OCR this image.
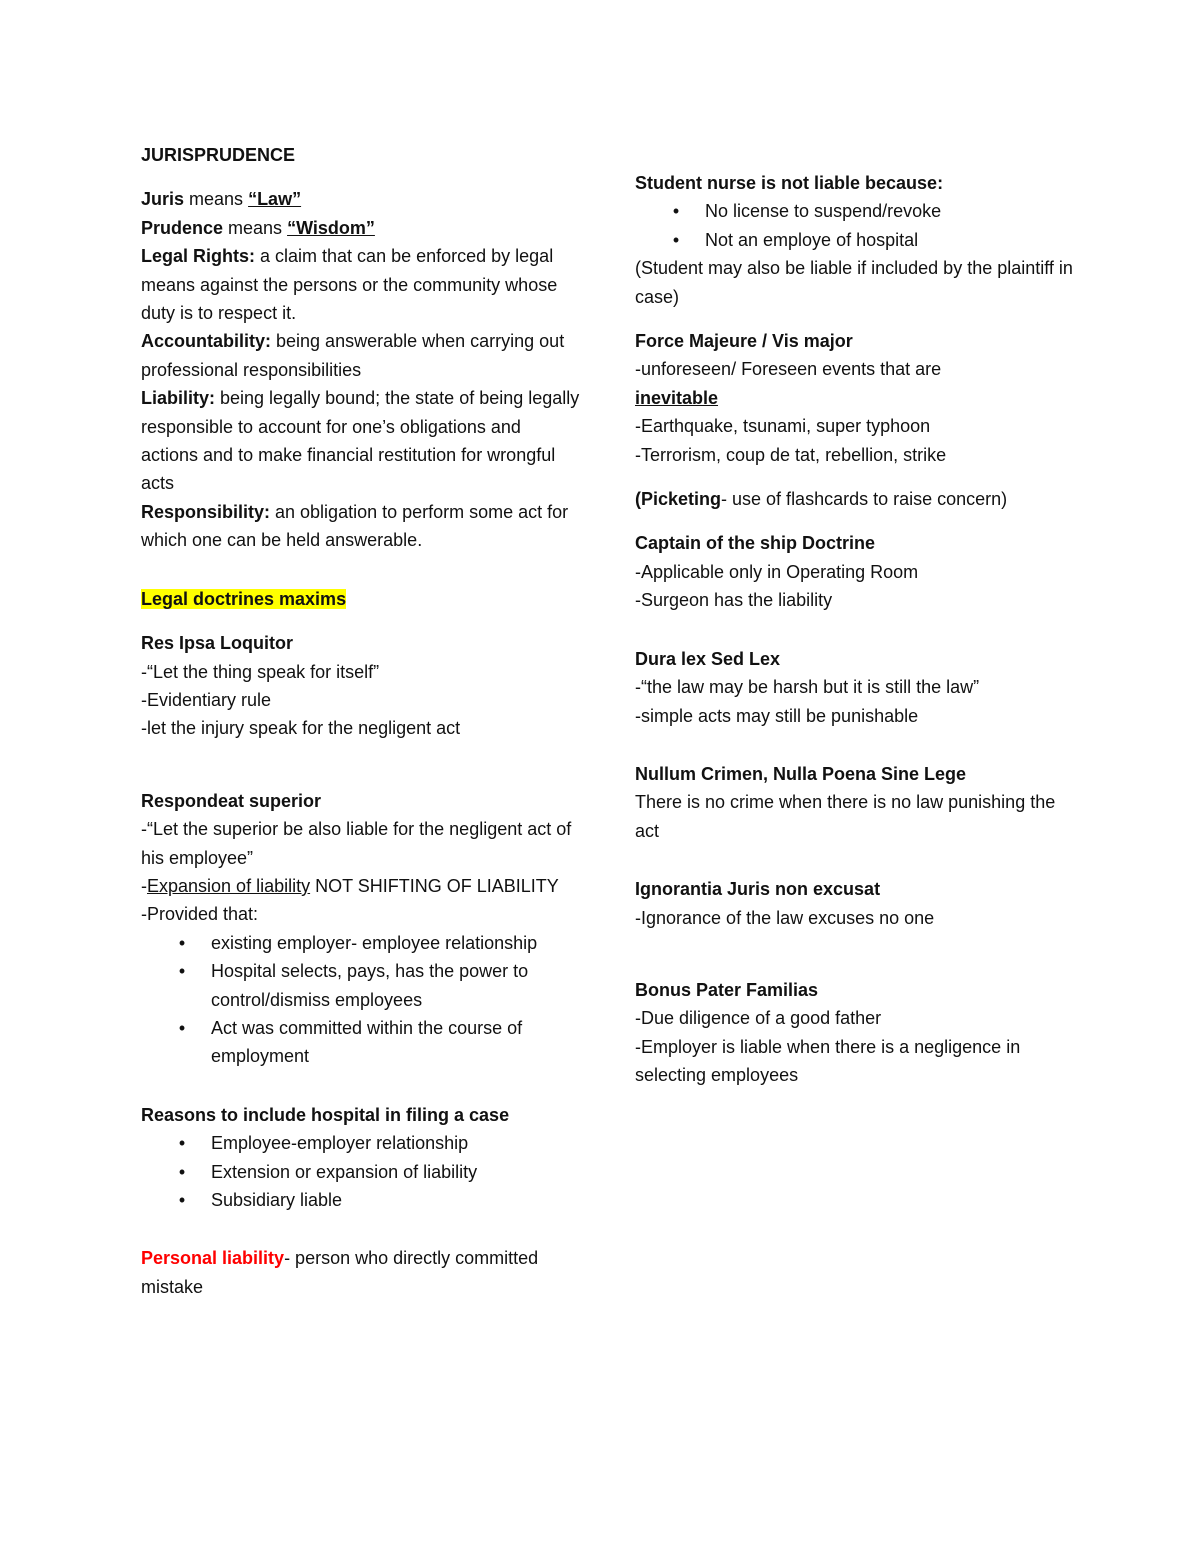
JURISPRUDENCE

Juris means “Law”

Prudence means “Wisdom”

Legal Rights: a claim that can be enforced by legal means against the persons or the community whose duty is to respect it.

Accountability: being answerable when carrying out professional responsibilities

Liability: being legally bound; the state of being legally responsible to account for one’s obligations and actions and to make financial restitution for wrongful acts

Responsibility: an obligation to perform some act for which one can be held answerable.

Legal doctrines maxims

Res Ipsa Loquitor

-“Let the thing speak for itself”

-Evidentiary rule

-let the injury speak for the negligent act

Respondeat superior

-“Let the superior be also liable for the negligent act of his employee”

-Expansion of liability NOT SHIFTING OF LIABILITY

-Provided that:

•	existing employer- employee relationship
•	Hospital selects, pays, has the power to control/dismiss employees
•	Act was committed within the course of employment

Reasons to include hospital in filing a case

•	Employee-employer relationship
•	Extension or expansion of liability
•	Subsidiary liable

Personal liability- person who directly committed mistake

Student nurse is not liable because:

•	No license to suspend/revoke
•	Not an employe of hospital

(Student may also be liable if included by the plaintiff in case)

Force Majeure / Vis major

-unforeseen/ Foreseen events that are

inevitable

-Earthquake, tsunami, super typhoon

-Terrorism, coup de tat, rebellion, strike

(Picketing- use of flashcards to raise concern)

Captain of the ship Doctrine

-Applicable only in Operating Room

-Surgeon has the liability

Dura lex Sed Lex

-“the law may be harsh but it is still the law”

-simple acts may still be punishable

Nullum Crimen, Nulla Poena Sine Lege

There is no crime when there is no law punishing the act

Ignorantia Juris non excusat

-Ignorance of the law excuses no one

Bonus Pater Familias

-Due diligence of a good father

-Employer is liable when there is a negligence in selecting employees
